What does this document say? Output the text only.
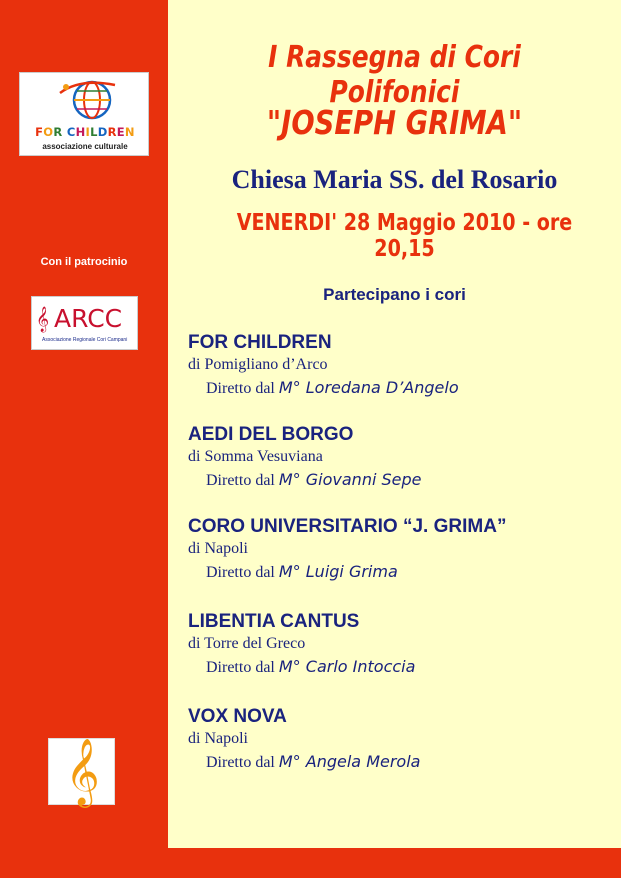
FOR CHILDREN
associazione culturale
Con il patrocinio
𝄞 ARCC
Associazione Regionale Cori Campani
𝄞
I Rassegna di Cori Polifonici
"JOSEPH GRIMA"
Chiesa Maria SS. del Rosario
VENERDI' 28 Maggio 2010 - ore 20,15
Partecipano i cori
FOR CHILDREN
di Pomigliano d’Arco
Diretto dal M° Loredana D’Angelo
AEDI DEL BORGO
di Somma Vesuviana
Diretto dal M° Giovanni Sepe
CORO UNIVERSITARIO “J. GRIMA”
di Napoli
Diretto dal M° Luigi Grima
LIBENTIA CANTUS
di Torre del Greco
Diretto dal M° Carlo Intoccia
VOX NOVA
di Napoli
Diretto dal M° Angela Merola
